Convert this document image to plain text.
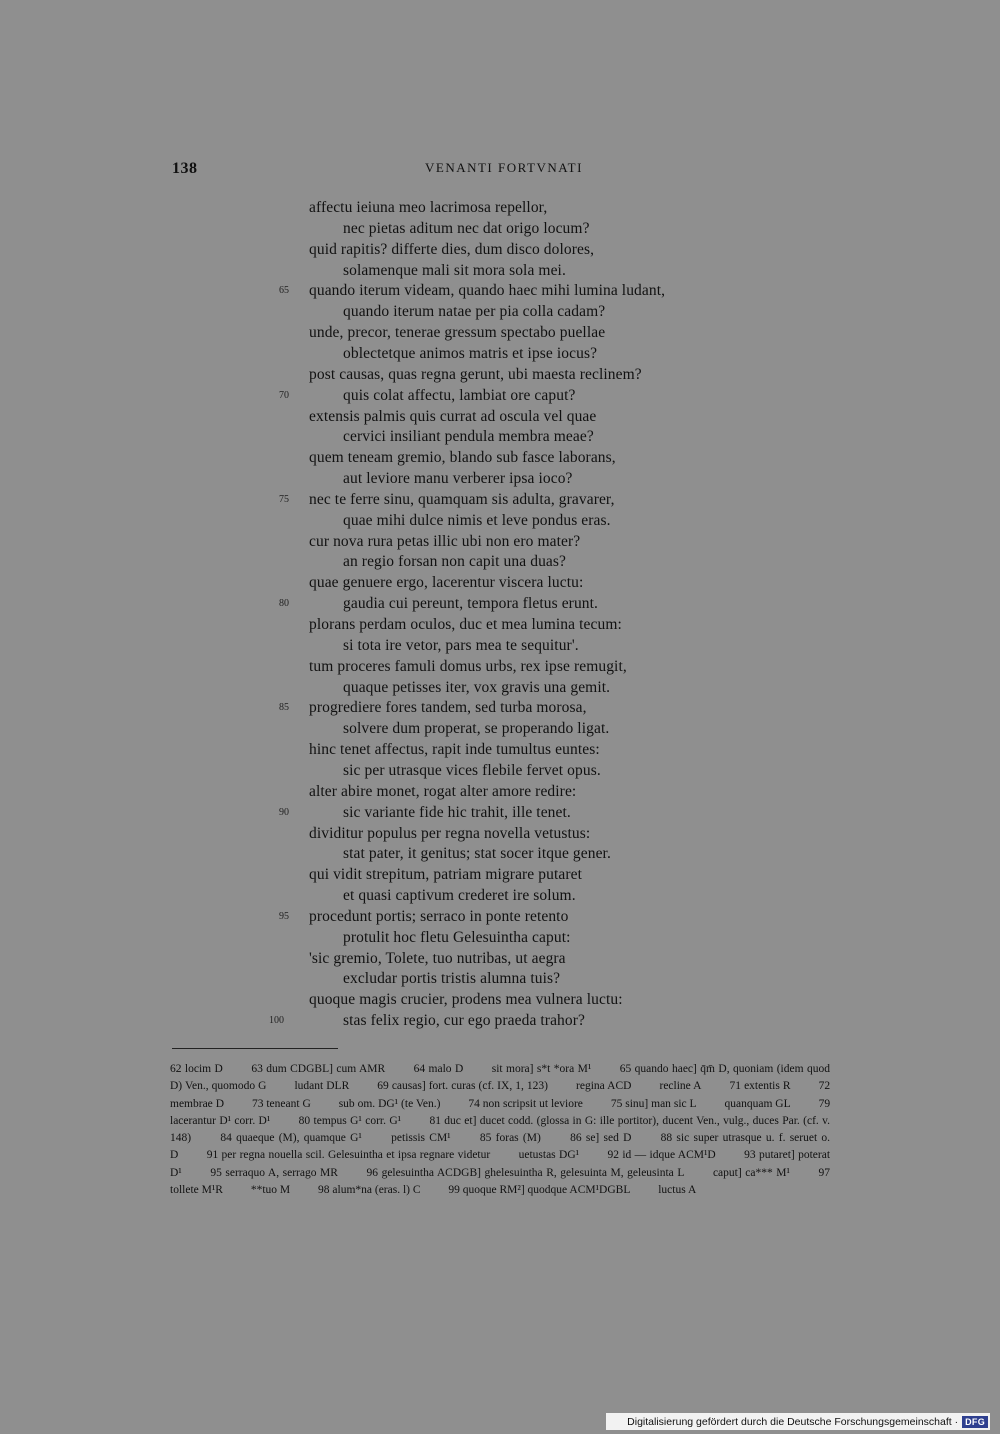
138	VENANTI FORTVNATI
affectu ieiuna meo lacrimosa repellor,
nec pietas aditum nec dat origo locum?
quid rapitis? differte dies, dum disco dolores,
solamenque mali sit mora sola mei.
65 quando iterum videam, quando haec mihi lumina ludant,
quando iterum natae per pia colla cadam?
unde, precor, tenerae gressum spectabo puellae
oblectetque animos matris et ipse iocus?
post causas, quas regna gerunt, ubi maesta reclinem?
70	quis colat affectu, lambiat ore caput?
extensis palmis quis currat ad oscula vel quae
cervici insiliant pendula membra meae?
quem teneam gremio, blando sub fasce laborans,
aut leviore manu verberer ipsa ioco?
75 nec te ferre sinu, quamquam sis adulta, gravarer,
quae mihi dulce nimis et leve pondus eras.
cur nova rura petas illic ubi non ero mater?
an regio forsan non capit una duas?
quae genuere ergo, lacerentur viscera luctu:
80	gaudia cui pereunt, tempora fletus erunt.
plorans perdam oculos, duc et mea lumina tecum:
si tota ire vetor, pars mea te sequitur'.
tum proceres famuli domus urbs, rex ipse remugit,
quaque petisses iter, vox gravis una gemit.
85 progrediere fores tandem, sed turba morosa,
solvere dum properat, se properando ligat.
hinc tenet affectus, rapit inde tumultus euntes:
sic per utrasque vices flebile fervet opus.
alter abire monet, rogat alter amore redire:
90	sic variante fide hic trahit, ille tenet.
dividitur populus per regna novella vetustus:
stat pater, it genitus; stat socer itque gener.
qui vidit strepitum, patriam migrare putaret
et quasi captivum crederet ire solum.
95 procedunt portis; serraco in ponte retento
protulit hoc fletu Gelesuintha caput:
'sic gremio, Tolete, tuo nutribas, ut aegra
excludar portis tristis alumna tuis?
quoque magis crucier, prodens mea vulnera luctu:
100	stas felix regio, cur ego praeda trahor?
62 locim D 63 dum CDGBL] cum AMR 64 malo D sit mora] s*t *ora M¹ 65 quando haec] q̄m̄ D, quoniam (idem quod D) Ven., quomodo G ludant DLR 69 causas] fort. curas (cf. IX, 1, 123) regina ACD recline A 71 extentis R 72 membrae D 73 teneant G sub om. DG¹ (te Ven.) 74 non scripsit ut leviore 75 sinu] man sic L quanquam GL 79 lacerantur D¹ corr. D¹ 80 tempus G¹ corr. G¹ 81 duc et] ducet codd. (glossa in G: ille portitor), ducent Ven., vulg., duces Par. (cf. v. 148)	84 quaeque (M), quamque G¹	petissis CM¹	85 foras (M)	86 se] sed D	88 sic super utrasque u. f. seruet o. D 91 per regna nouella scil. Gelesuintha et ipsa regnare videtur uetustas DG¹ 92 id — idque ACM¹D 93 putaret] poterat D¹ 95 serraquo A, serrago MR 96 gelesuintha ACDGB] ghelesuintha R, gelesuinta M, geleusinta L caput] ca*** M¹ 97 tollete M¹R **tuo M 98 alum*na (eras. l) C 99 quoque RM²] quodque ACM¹DGBL luctus A
Digitalisierung gefördert durch die Deutsche Forschungsgemeinschaft · DFG
